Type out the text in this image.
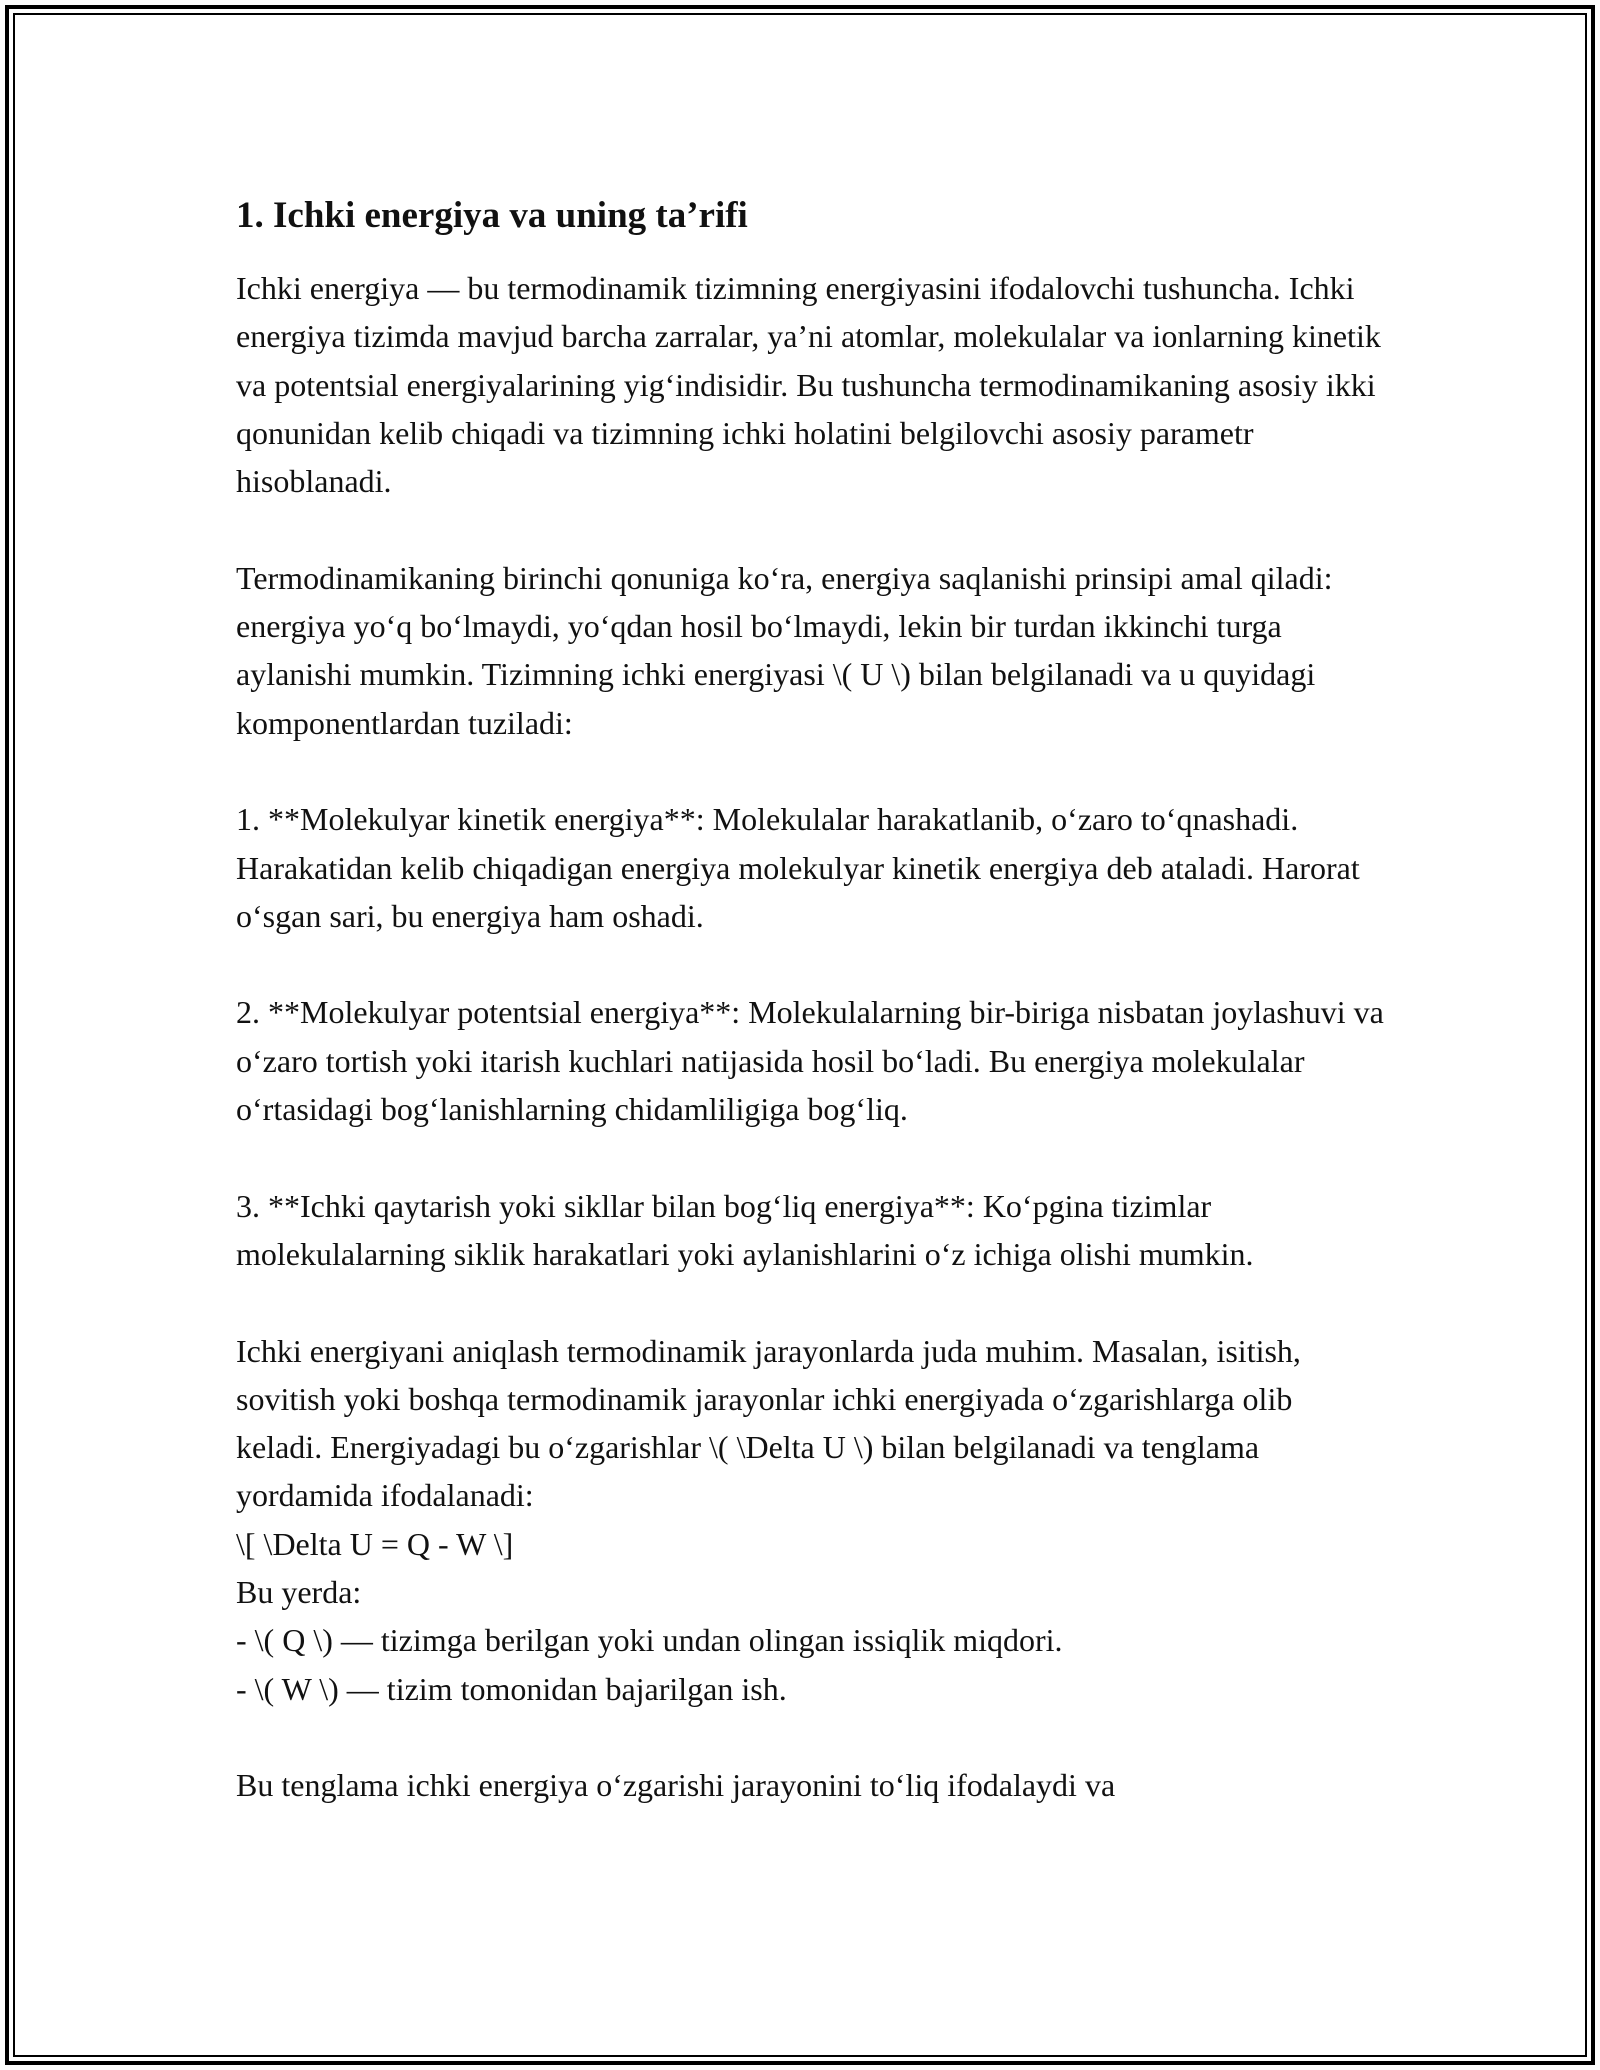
1. Ichki energiya va uning ta’rifi

Ichki energiya — bu termodinamik tizimning energiyasini ifodalovchi tushuncha. Ichki energiya tizimda mavjud barcha zarralar, ya’ni atomlar, molekulalar va ionlarning kinetik va potentsial energiyalarining yig‘indisidir. Bu tushuncha termodinamikaning asosiy ikki qonunidan kelib chiqadi va tizimning ichki holatini belgilovchi asosiy parametr hisoblanadi.

Termodinamikaning birinchi qonuniga ko‘ra, energiya saqlanishi prinsipi amal qiladi: energiya yo‘q bo‘lmaydi, yo‘qdan hosil bo‘lmaydi, lekin bir turdan ikkinchi turga aylanishi mumkin. Tizimning ichki energiyasi \( U \) bilan belgilanadi va u quyidagi komponentlardan tuziladi:

1. **Molekulyar kinetik energiya**: Molekulalar harakatlanib, o‘zaro to‘qnashadi. Harakatidan kelib chiqadigan energiya molekulyar kinetik energiya deb ataladi. Harorat o‘sgan sari, bu energiya ham oshadi.

2. **Molekulyar potentsial energiya**: Molekulalarning bir-biriga nisbatan joylashuvi va o‘zaro tortish yoki itarish kuchlari natijasida hosil bo‘ladi. Bu energiya molekulalar o‘rtasidagi bog‘lanishlarning chidamliligiga bog‘liq.

3. **Ichki qaytarish yoki sikllar bilan bog‘liq energiya**: Ko‘pgina tizimlar molekulalarning siklik harakatlari yoki aylanishlarini o‘z ichiga olishi mumkin.

Ichki energiyani aniqlash termodinamik jarayonlarda juda muhim. Masalan, isitish, sovitish yoki boshqa termodinamik jarayonlar ichki energiyada o‘zgarishlarga olib keladi. Energiyadagi bu o‘zgarishlar \( \Delta U \) bilan belgilanadi va tenglama yordamida ifodalanadi:

\[ \Delta U = Q - W \]

Bu yerda:

- \( Q \) — tizimga berilgan yoki undan olingan issiqlik miqdori.

- \( W \) — tizim tomonidan bajarilgan ish.

Bu tenglama ichki energiya o‘zgarishi jarayonini to‘liq ifodalaydi va
